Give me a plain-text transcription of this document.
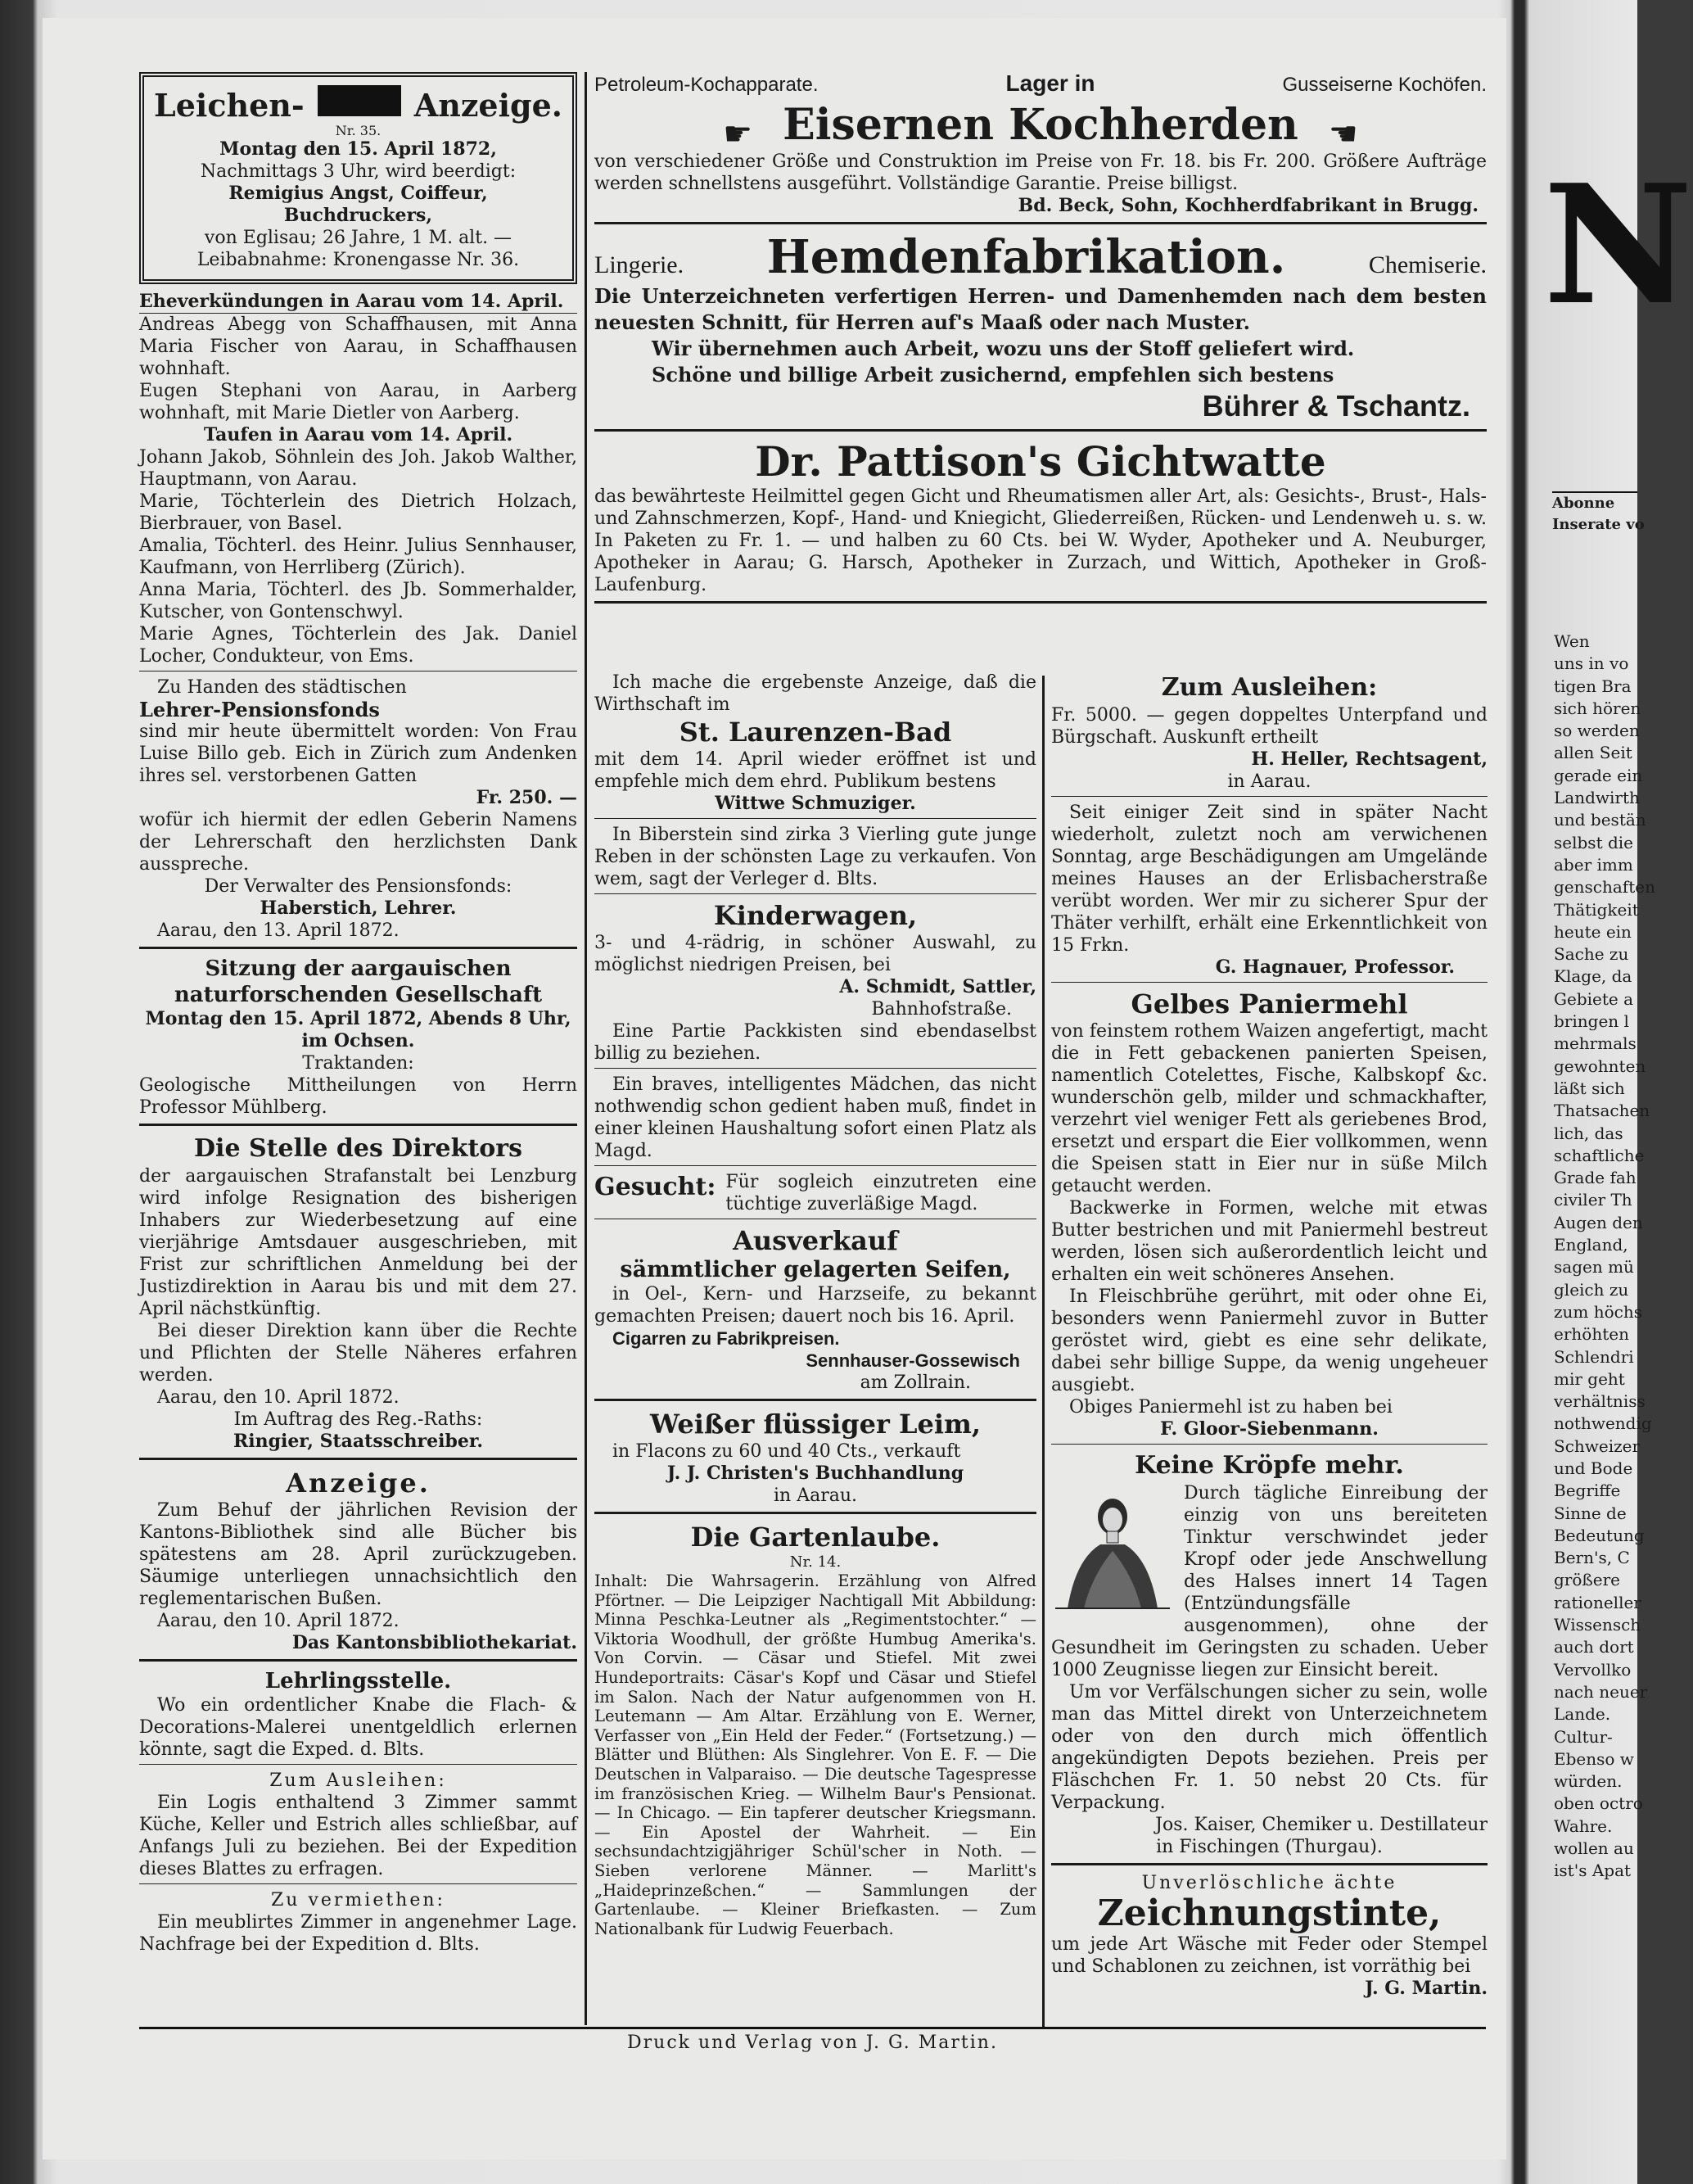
Petroleum-Kochapparate.	Lager in	Gusseiserne Kochöfen.
☛ Eisernen Kochherden ☚

von verschiedener Größe und Construktion im Preise von Fr. 18. bis Fr. 200. Größere Aufträge werden schnellstens ausgeführt. Vollständige Garantie. Preise billigst.

Bd. Beck, Sohn, Kochherdfabrikant in Brugg.
Lingerie. Hemdenfabrikation.	Chemiserie.

Die Unterzeichneten verfertigen Herren- und Damenhemden nach dem besten neuesten Schnitt, für Herren auf's Maaß oder nach Muster.

Wir übernehmen auch Arbeit, wozu uns der Stoff geliefert wird.

Schöne und billige Arbeit zusichernd, empfehlen sich bestens

Bührer & Tschantz.
Dr. Pattison's Gichtwatte

das bewährteste Heilmittel gegen Gicht und Rheumatismen aller Art, als: Gesichts-, Brust-, Hals- und Zahnschmerzen, Kopf-, Hand- und Kniegicht, Gliederreißen, Rücken- und Lendenweh u. s. w. In Paketen zu Fr. 1. — und halben zu 60 Cts. bei W. Wyder, Apotheker und A. Neuburger, Apotheker in Aarau; G. Harsch, Apotheker in Zurzach, und Wittich, Apotheker in Groß-Laufenburg.

Leichen-	Anzeige.
Nr. 35.
Montag den 15. April 1872,
Nachmittags 3 Uhr, wird beerdigt:
Remigius Angst, Coiffeur, Buchdruckers,
von Eglisau; 26 Jahre, 1 M. alt. —
Leibabnahme: Kronengasse Nr. 36.
Eheverkündungen in Aarau vom 14. April.

Andreas Abegg von Schaffhausen, mit Anna Maria Fischer von Aarau, in Schaffhausen wohnhaft.

Eugen Stephani von Aarau, in Aarberg wohnhaft, mit Marie Dietler von Aarberg.

Taufen in Aarau vom 14. April.

Johann Jakob, Söhnlein des Joh. Jakob Walther, Hauptmann, von Aarau.

Marie, Töchterlein des Dietrich Holzach, Bierbrauer, von Basel.

Amalia, Töchterl. des Heinr. Julius Sennhauser, Kaufmann, von Herrliberg (Zürich).

Anna Maria, Töchterl. des Jb. Sommerhalder, Kutscher, von Gontenschwyl.

Marie Agnes, Töchterlein des Jak. Daniel Locher, Condukteur, von Ems.

Zu Handen des städtischen
Lehrer-Pensionsfonds

sind mir heute übermittelt worden: Von Frau Luise Billo geb. Eich in Zürich zum Andenken ihres sel. verstorbenen Gatten

Fr. 250. —

wofür ich hiermit der edlen Geberin Namens der Lehrerschaft den herzlichsten Dank ausspreche.

Der Verwalter des Pensionsfonds:
Haberstich, Lehrer.
Aarau, den 13. April 1872.
Sitzung der aargauischen naturforschenden Gesellschaft
Montag den 15. April 1872, Abends 8 Uhr, im Ochsen.
Traktanden:

Geologische Mittheilungen von Herrn Professor Mühlberg.

Die Stelle des Direktors

der aargauischen Strafanstalt bei Lenzburg wird infolge Resignation des bisherigen Inhabers zur Wiederbesetzung auf eine vierjährige Amtsdauer ausgeschrieben, mit Frist zur schriftlichen Anmeldung bei der Justizdirektion in Aarau bis und mit dem 27. April nächstkünftig.

Bei dieser Direktion kann über die Rechte und Pflichten der Stelle Näheres erfahren werden.

Aarau, den 10. April 1872.
Im Auftrag des Reg.-Raths:
Ringier, Staatsschreiber.
Anzeige.

Zum Behuf der jährlichen Revision der Kantons-Bibliothek sind alle Bücher bis spätestens am 28. April zurückzugeben. Säumige unterliegen unnachsichtlich den reglementarischen Bußen.

Aarau, den 10. April 1872.
Das Kantonsbibliothekariat.
Lehrlingsstelle.

Wo ein ordentlicher Knabe die Flach- & Decorations-Malerei unentgeldlich erlernen könnte, sagt die Exped. d. Blts.

Zum Ausleihen:

Ein Logis enthaltend 3 Zimmer sammt Küche, Keller und Estrich alles schließbar, auf Anfangs Juli zu beziehen. Bei der Expedition dieses Blattes zu erfragen.

Zu vermiethen:

Ein meublirtes Zimmer in angenehmer Lage. Nachfrage bei der Expedition d. Blts.

Ich mache die ergebenste Anzeige, daß die Wirthschaft im

St. Laurenzen-Bad

mit dem 14. April wieder eröffnet ist und empfehle mich dem ehrd. Publikum bestens

Wittwe Schmuziger.

In Biberstein sind zirka 3 Vierling gute junge Reben in der schönsten Lage zu verkaufen. Von wem, sagt der Verleger d. Blts.

Kinderwagen,

3- und 4-rädrig, in schöner Auswahl, zu möglichst niedrigen Preisen, bei

A. Schmidt, Sattler,
Bahnhofstraße.

Eine Partie Packkisten sind ebendaselbst billig zu beziehen.

Ein braves, intelligentes Mädchen, das nicht nothwendig schon gedient haben muß, findet in einer kleinen Haushaltung sofort einen Platz als Magd.

Gesucht: Für sogleich einzutreten eine tüchtige zuverläßige Magd.
Ausverkauf
sämmtlicher gelagerten Seifen,

in Oel-, Kern- und Harzseife, zu bekannt gemachten Preisen; dauert noch bis 16. April.

Cigarren zu Fabrikpreisen.
Sennhauser-Gossewisch
am Zollrain.
Weißer flüssiger Leim,
in Flacons zu 60 und 40 Cts., verkauft
J. J. Christen's Buchhandlung
in Aarau.
Die Gartenlaube.
Nr. 14.

Inhalt: Die Wahrsagerin. Erzählung von Alfred Pförtner. — Die Leipziger Nachtigall Mit Abbildung: Minna Peschka-Leutner als „Regimentstochter.“ — Viktoria Woodhull, der größte Humbug Amerika's. Von Corvin. — Cäsar und Stiefel. Mit zwei Hundeportraits: Cäsar's Kopf und Cäsar und Stiefel im Salon. Nach der Natur aufgenommen von H. Leutemann — Am Altar. Erzählung von E. Werner, Verfasser von „Ein Held der Feder.“ (Fortsetzung.) — Blätter und Blüthen: Als Singlehrer. Von E. F. — Die Deutschen in Valparaiso. — Die deutsche Tagespresse im französischen Krieg. — Wilhelm Baur's Pensionat. — In Chicago. — Ein tapferer deutscher Kriegsmann. — Ein Apostel der Wahrheit. — Ein sechsundachtzigjähriger Schül'scher in Noth. — Sieben verlorene Männer. — Marlitt's „Haideprinzeßchen.“ — Sammlungen der Gartenlaube. — Kleiner Briefkasten. — Zum Nationalbank für Ludwig Feuerbach.

Zum Ausleihen:

Fr. 5000. — gegen doppeltes Unterpfand und Bürgschaft. Auskunft ertheilt

H. Heller, Rechtsagent,
in Aarau.

Seit einiger Zeit sind in später Nacht wiederholt, zuletzt noch am verwichenen Sonntag, arge Beschädigungen am Umgelände meines Hauses an der Erlisbacherstraße verübt worden. Wer mir zu sicherer Spur der Thäter verhilft, erhält eine Erkenntlichkeit von 15 Frkn.

G. Hagnauer, Professor.
Gelbes Paniermehl

von feinstem rothem Waizen angefertigt, macht die in Fett gebackenen panierten Speisen, namentlich Cotelettes, Fische, Kalbskopf &c. wunderschön gelb, milder und schmackhafter, verzehrt viel weniger Fett als geriebenes Brod, ersetzt und erspart die Eier vollkommen, wenn die Speisen statt in Eier nur in süße Milch getaucht werden.

Backwerke in Formen, welche mit etwas Butter bestrichen und mit Paniermehl bestreut werden, lösen sich außerordentlich leicht und erhalten ein weit schöneres Ansehen.

In Fleischbrühe gerührt, mit oder ohne Ei, besonders wenn Paniermehl zuvor in Butter geröstet wird, giebt es eine sehr delikate, dabei sehr billige Suppe, da wenig ungeheuer ausgiebt.

Obiges Paniermehl ist zu haben bei
F. Gloor-Siebenmann.
Keine Kröpfe mehr.

Durch tägliche Einreibung der einzig von uns bereiteten Tinktur verschwindet jeder Kropf oder jede Anschwellung des Halses innert 14 Tagen (Entzündungsfälle ausgenommen), ohne der Gesundheit im Geringsten zu schaden. Ueber 1000 Zeugnisse liegen zur Einsicht bereit.

Um vor Verfälschungen sicher zu sein, wolle man das Mittel direkt von Unterzeichnetem oder von den durch mich öffentlich angekündigten Depots beziehen. Preis per Fläschchen Fr. 1. 50 nebst 20 Cts. für Verpackung.

Jos. Kaiser, Chemiker u. Destillateur
in Fischingen (Thurgau).
Unverlöschliche ächte
Zeichnungstinte,

um jede Art Wäsche mit Feder oder Stempel und Schablonen zu zeichnen, ist vorräthig bei

J. G. Martin.
Druck und Verlag von J. G. Martin.
N
Abonne
Inserate vo
Wen
uns in vo
tigen Bra
sich hören
so werden
allen Seit
gerade ein
Landwirth
und bestän
selbst die
aber imm
genschaften
Thätigkeit
heute ein
Sache zu
Klage, da
Gebiete a
bringen l
mehrmals
gewohnten
läßt sich
Thatsachen
lich, das
schaftliche
Grade fah
civiler Th
Augen den
England,
sagen mü
gleich zu
zum höchs
erhöhten
Schlendri
mir geht
verhältniss
nothwendig
Schweizer
und Bode
Begriffe
Sinne de
Bedeutung
Bern's, C
größere
rationeller
Wissensch
auch dort
Vervollko
nach neuer
Lande.
Cultur-
Ebenso w
würden.
oben octro
Wahre.
wollen au
ist's Apat
